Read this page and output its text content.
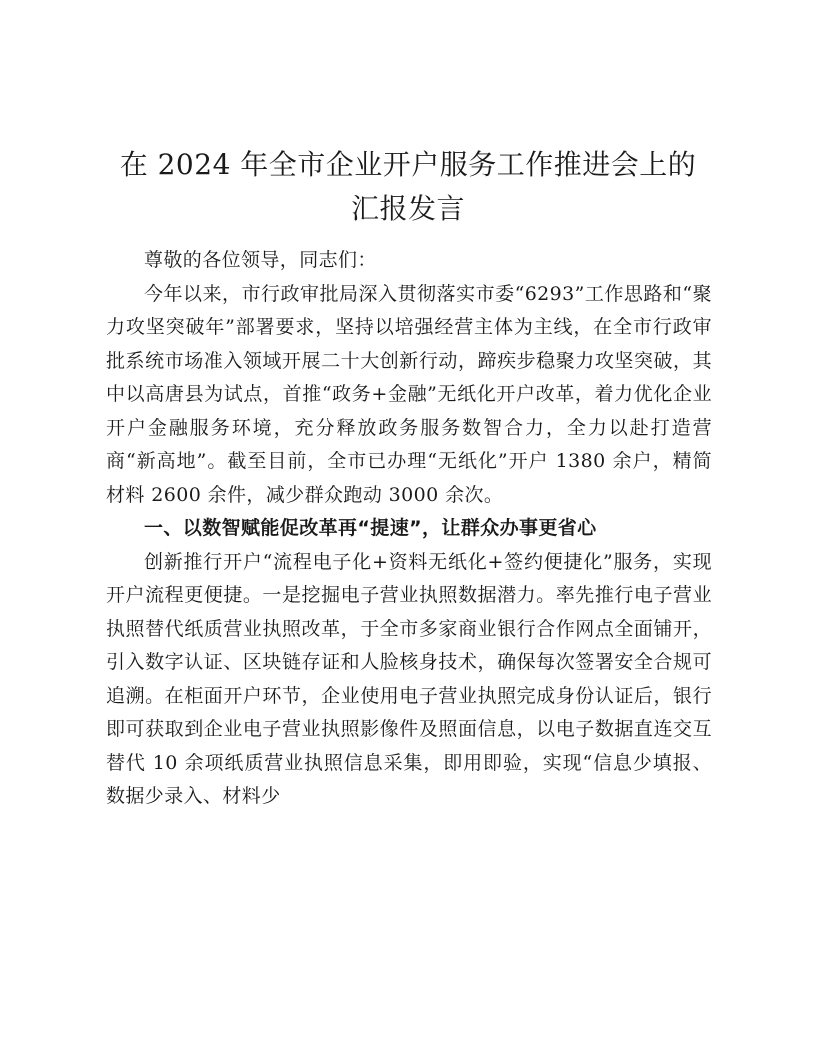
在 2024 年全市企业开户服务工作推进会上的
汇报发言

尊敬的各位领导，同志们：

今年以来，市行政审批局深入贯彻落实市委“6293”工作思路和“聚力攻坚突破年”部署要求，坚持以培强经营主体为主线，在全市行政审批系统市场准入领域开展二十大创新行动，蹄疾步稳聚力攻坚突破，其中以高唐县为试点，首推“政务+金融”无纸化开户改革，着力优化企业开户金融服务环境，充分释放政务服务数智合力，全力以赴打造营商“新高地”。截至目前，全市已办理“无纸化”开户 1380 余户，精简材料 2600 余件，减少群众跑动 3000 余次。

一、以数智赋能促改革再“提速”，让群众办事更省心

创新推行开户“流程电子化+资料无纸化+签约便捷化”服务，实现开户流程更便捷。一是挖掘电子营业执照数据潜力。率先推行电子营业执照替代纸质营业执照改革，于全市多家商业银行合作网点全面铺开，引入数字认证、区块链存证和人脸核身技术，确保每次签署安全合规可追溯。在柜面开户环节，企业使用电子营业执照完成身份认证后，银行即可获取到企业电子营业执照影像件及照面信息，以电子数据直连交互替代 10 余项纸质营业执照信息采集，即用即验，实现“信息少填报、数据少录入、材料少
